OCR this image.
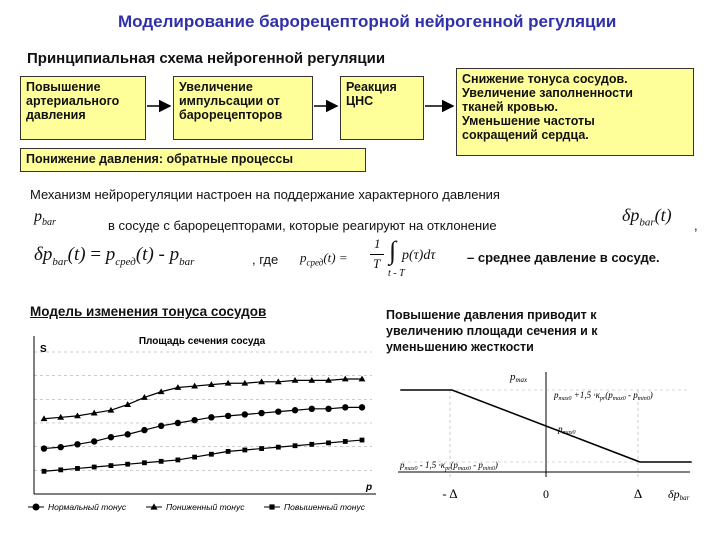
Моделирование барорецепторной нейрогенной регуляции
Принципиальная схема нейрогенной регуляции
Повышение
артериального
давления
Увеличение
импульсации от
барорецепторов
Реакция
ЦНС
Снижение тонуса сосудов.
Увеличение заполненности
тканей кровью.
Уменьшение частоты
сокращений сердца.
Понижение давления: обратные процессы
Механизм нейрорегуляции настроен на поддержание характерного давления
$p_{bar}$	в сосуде с барорецепторами, которые реагируют на отклонение
$\delta p_{bar}(t)$
,
$\delta p_{bar}(t) = p_{сред}(t) - p_{bar}$	, где $p_{сред}(t)$ =
1
T ∫ p(τ)dτ
t - T
– среднее давление в сосуде.
Модель изменения тонуса сосудов
Площадь сечения сосуда
S
p
Нормальный тонус	Пониженный тонус	Повышенный тонус
Повышение давления приводит к
увеличению площади сечения и к
уменьшению жесткости
pmax
$p_{max0} +1,5 \cdot\kappa_{pr}(p_{max0} - p_{min0})$
$p_{max0}$
$p_{max0} - 1,5 \cdot\kappa_{pr}(p_{max0} - p_{min0})$
- Δ	0	Δ δpbar
